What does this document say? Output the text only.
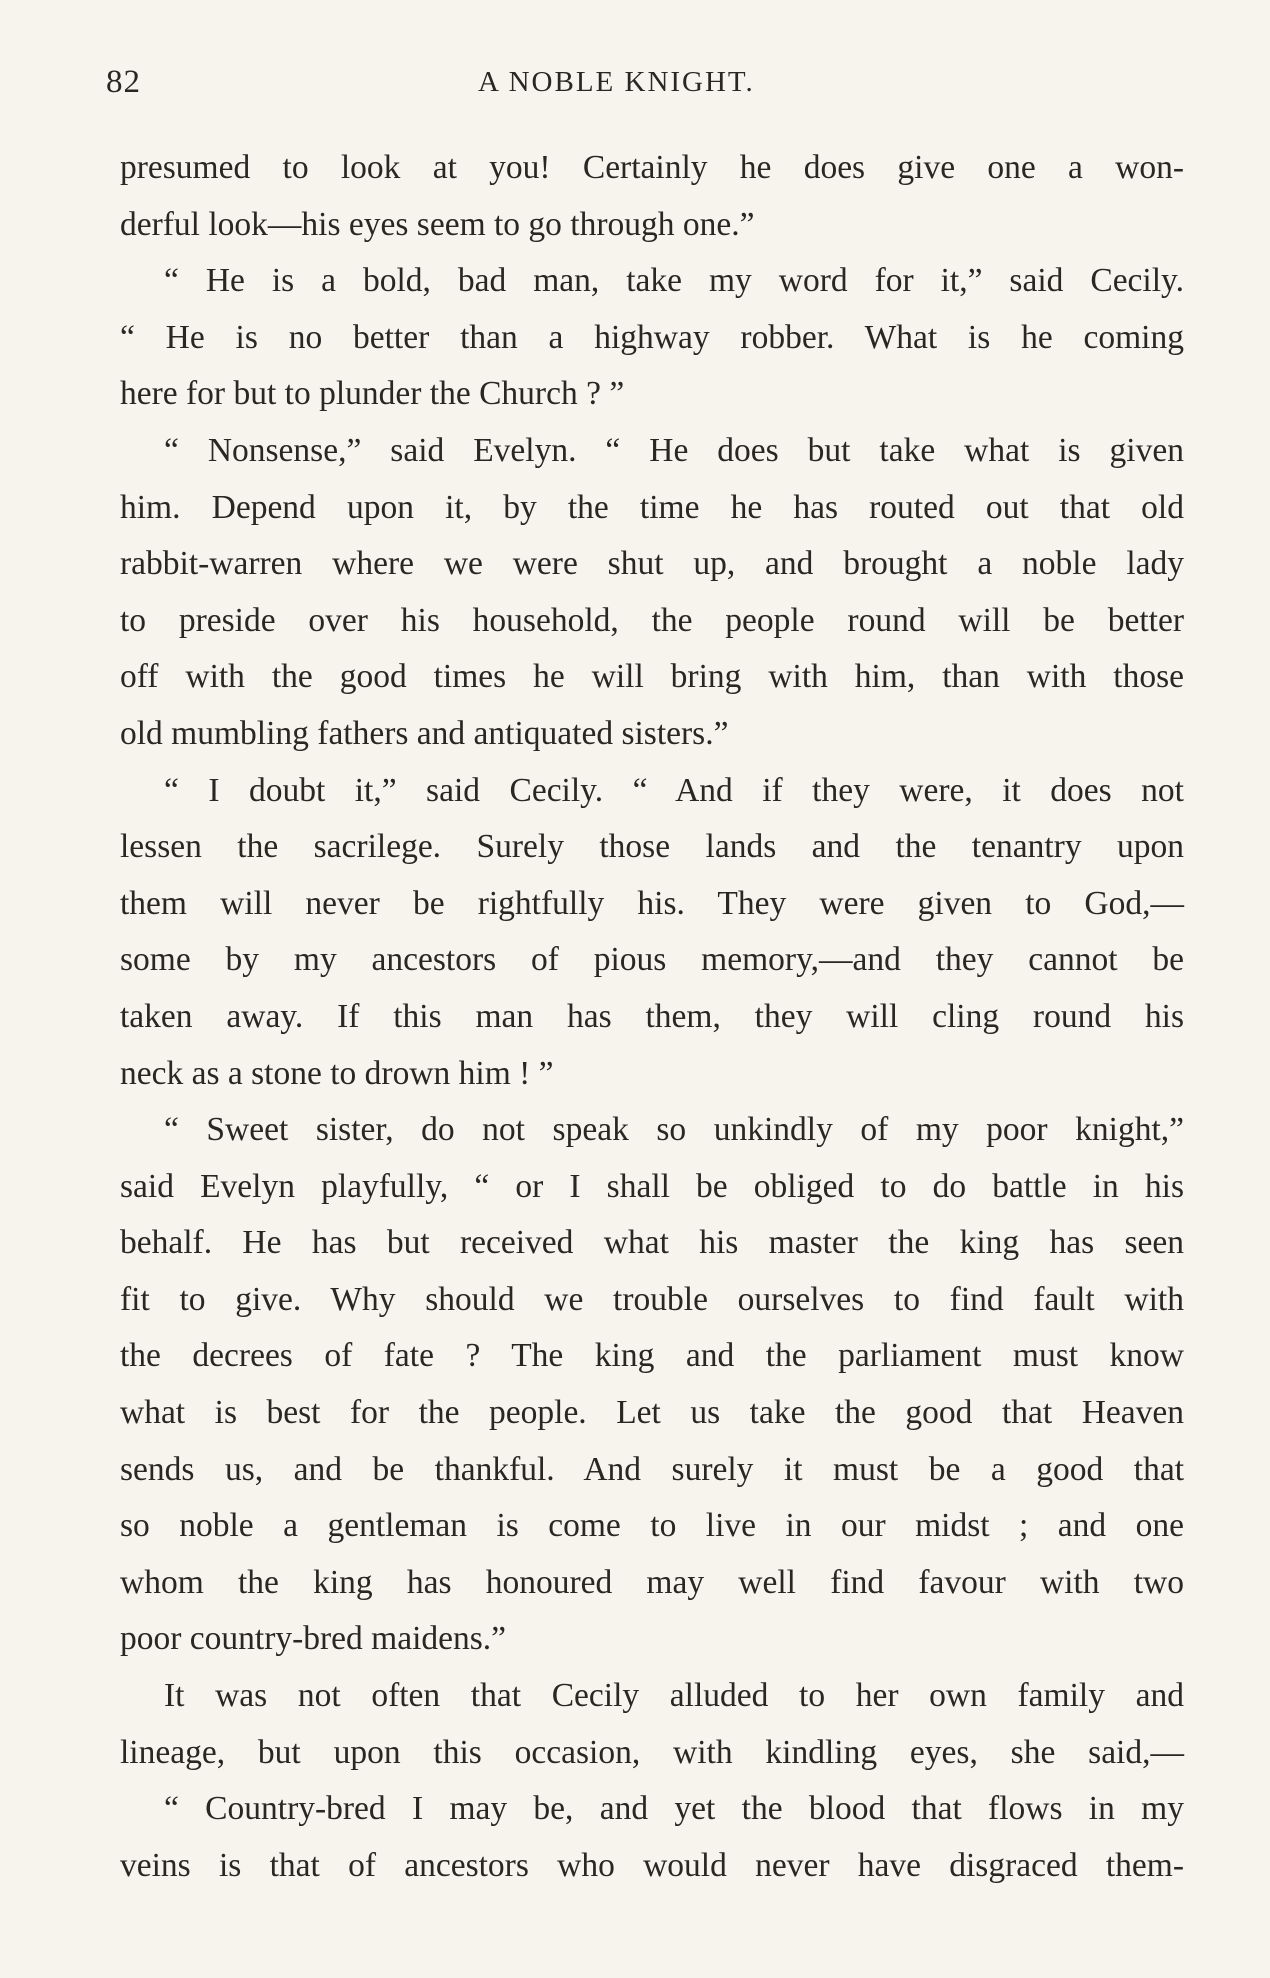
82	A NOBLE KNIGHT.
presumed to look at you! Certainly he does give one a won-
derful look—his eyes seem to go through one.”
“ He is a bold, bad man, take my word for it,” said Cecily.
“ He is no better than a highway robber. What is he coming
here for but to plunder the Church ? ”
“ Nonsense,” said Evelyn. “ He does but take what is given
him. Depend upon it, by the time he has routed out that old
rabbit-warren where we were shut up, and brought a noble lady
to preside over his household, the people round will be better
off with the good times he will bring with him, than with those
old mumbling fathers and antiquated sisters.”
“ I doubt it,” said Cecily. “ And if they were, it does not
lessen the sacrilege. Surely those lands and the tenantry upon
them will never be rightfully his. They were given to God,—
some by my ancestors of pious memory,—and they cannot be
taken away. If this man has them, they will cling round his
neck as a stone to drown him ! ”
“ Sweet sister, do not speak so unkindly of my poor knight,”
said Evelyn playfully, “ or I shall be obliged to do battle in his
behalf. He has but received what his master the king has seen
fit to give. Why should we trouble ourselves to find fault with
the decrees of fate ? The king and the parliament must know
what is best for the people. Let us take the good that Heaven
sends us, and be thankful. And surely it must be a good that
so noble a gentleman is come to live in our midst ; and one
whom the king has honoured may well find favour with two
poor country-bred maidens.”
It was not often that Cecily alluded to her own family and
lineage, but upon this occasion, with kindling eyes, she said,—
“ Country-bred I may be, and yet the blood that flows in my
veins is that of ancestors who would never have disgraced them-
